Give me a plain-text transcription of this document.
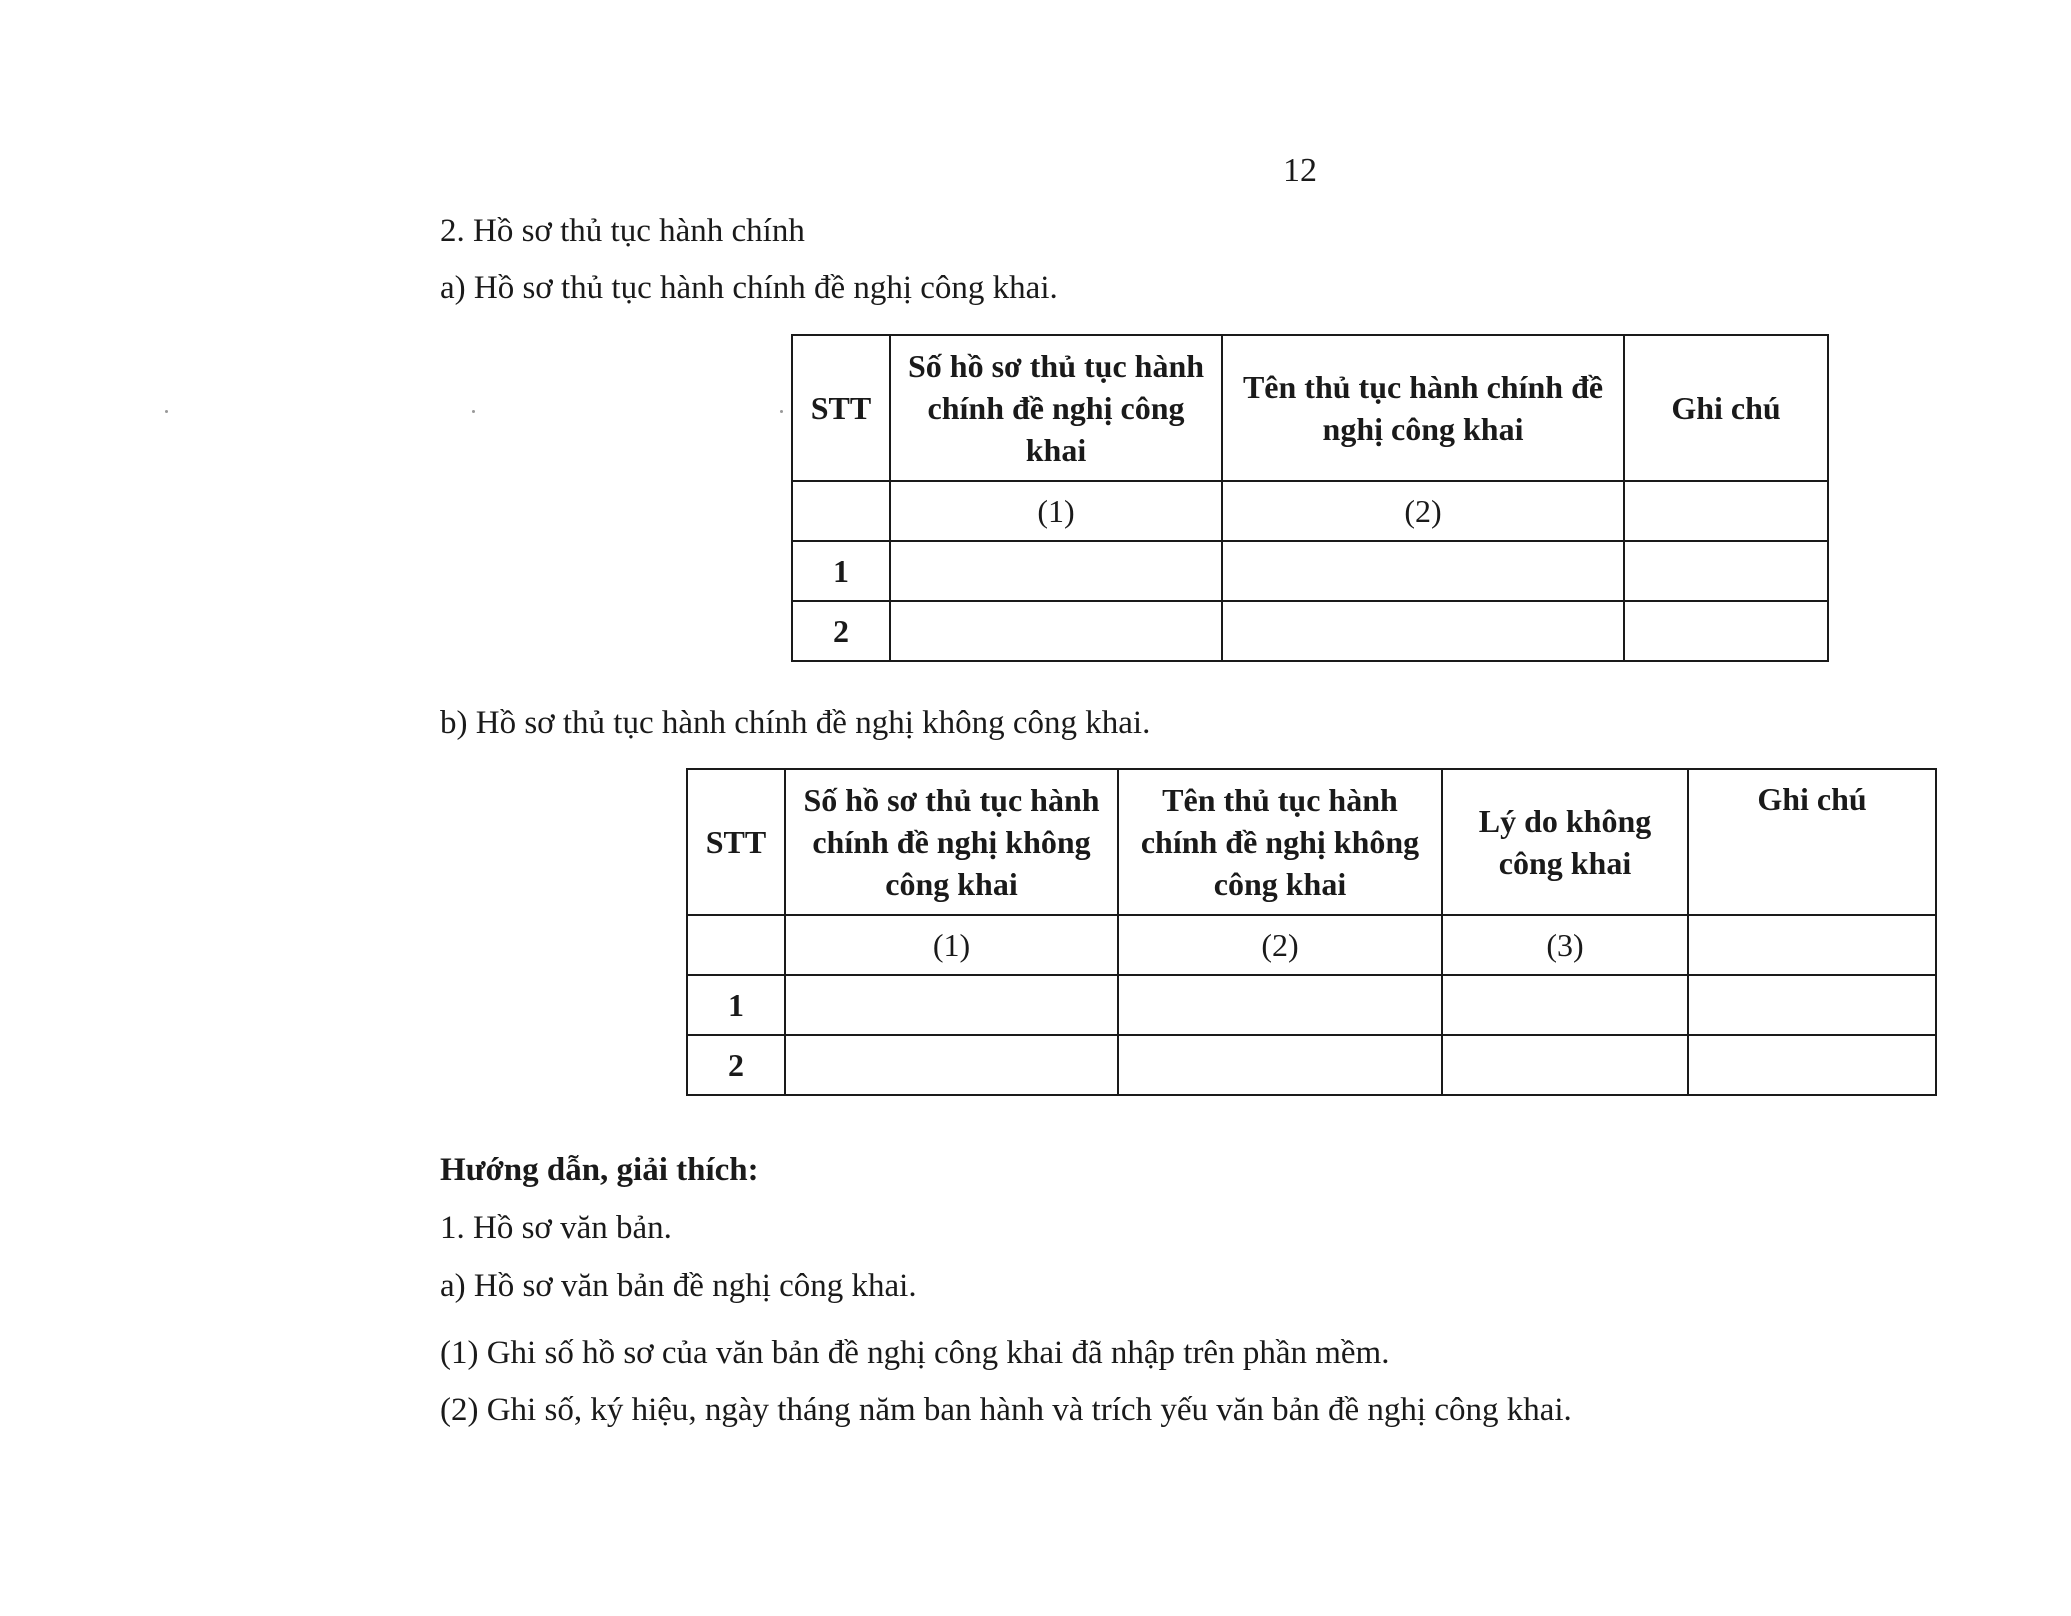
12
2. Hồ sơ thủ tục hành chính
a) Hồ sơ thủ tục hành chính đề nghị công khai.
STT	Số hồ sơ thủ tục hành chính đề nghị công khai	Tên thủ tục hành chính đề nghị công khai	Ghi chú
	(1)	(2)	
1			
2			
b) Hồ sơ thủ tục hành chính đề nghị không công khai.
STT	Số hồ sơ thủ tục hành chính đề nghị không công khai	Tên thủ tục hành chính đề nghị không công khai	Lý do không công khai	Ghi chú
	(1)	(2)	(3)	
1				
2				
Hướng dẫn, giải thích:
1. Hồ sơ văn bản.
a) Hồ sơ văn bản đề nghị công khai.
(1) Ghi số hồ sơ của văn bản đề nghị công khai đã nhập trên phần mềm.
(2) Ghi số, ký hiệu, ngày tháng năm ban hành và trích yếu văn bản đề nghị công khai.
